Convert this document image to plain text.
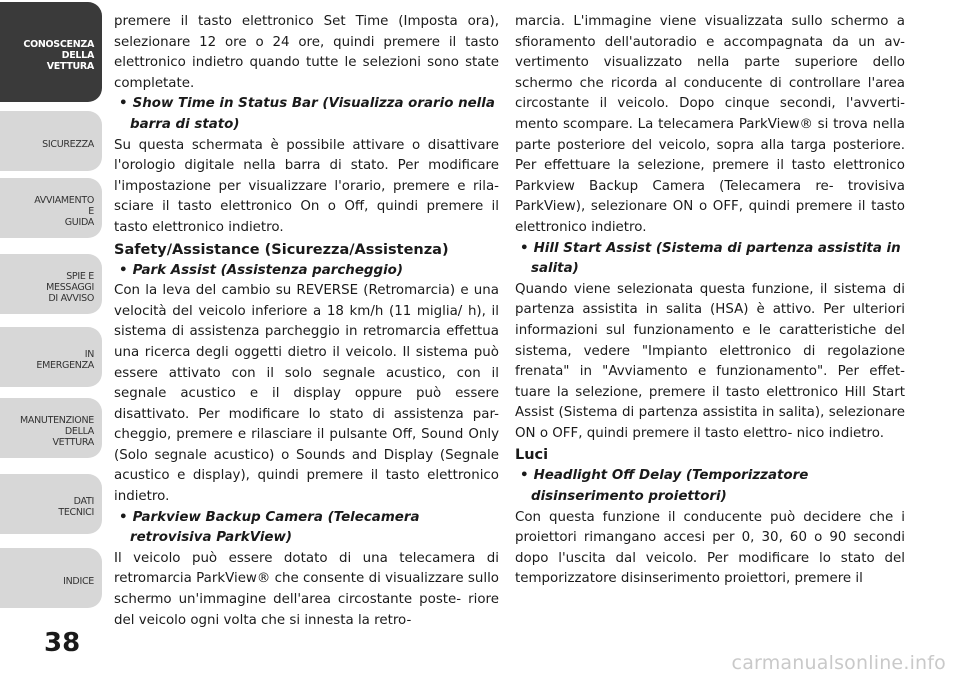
CONOSCENZA
DELLA
VETTURA
SICUREZZA
AVVIAMENTO
E
GUIDA
SPIE E
MESSAGGI
DI AVVISO
IN
EMERGENZA
MANUTENZIONE
DELLA
VETTURA
DATI
TECNICI
INDICE
38

premere il tasto elettronico Set Time (Imposta ora), selezionare 12 ore o 24 ore, quindi premere il tasto elettronico indietro quando tutte le selezioni sono state completate.

• Show Time in Status Bar (Visualizza orario nella barra di stato)

Su questa schermata è possibile attivare o disattivare l'orologio digitale nella barra di stato. Per modificare l'impostazione per visualizzare l'orario, premere e rila- sciare il tasto elettronico On o Off, quindi premere il tasto elettronico indietro.

Safety/Assistance (Sicurezza/Assistenza)

• Park Assist (Assistenza parcheggio)

Con la leva del cambio su REVERSE (Retromarcia) e una velocità del veicolo inferiore a 18 km/h (11 miglia/ h), il sistema di assistenza parcheggio in retromarcia effettua una ricerca degli oggetti dietro il veicolo. Il sistema può essere attivato con il solo segnale acustico, con il segnale acustico e il display oppure può essere disattivato. Per modificare lo stato di assistenza par- cheggio, premere e rilasciare il pulsante Off, Sound Only (Solo segnale acustico) o Sounds and Display (Segnale acustico e display), quindi premere il tasto elettronico indietro.

• Parkview Backup Camera (Telecamera retrovisiva ParkView)

Il veicolo può essere dotato di una telecamera di retromarcia ParkView® che consente di visualizzare sullo schermo un'immagine dell'area circostante poste- riore del veicolo ogni volta che si innesta la retro-

marcia. L'immagine viene visualizzata sullo schermo a sfioramento dell'autoradio e accompagnata da un av- vertimento visualizzato nella parte superiore dello schermo che ricorda al conducente di controllare l'area circostante il veicolo. Dopo cinque secondi, l'avverti- mento scompare. La telecamera ParkView® si trova nella parte posteriore del veicolo, sopra alla targa posteriore. Per effettuare la selezione, premere il tasto elettronico Parkview Backup Camera (Telecamera re- trovisiva ParkView), selezionare ON o OFF, quindi premere il tasto elettronico indietro.

• Hill Start Assist (Sistema di partenza assistita in salita)

Quando viene selezionata questa funzione, il sistema di partenza assistita in salita (HSA) è attivo. Per ulteriori informazioni sul funzionamento e le caratteristiche del sistema, vedere "Impianto elettronico di regolazione frenata" in "Avviamento e funzionamento". Per effet- tuare la selezione, premere il tasto elettronico Hill Start Assist (Sistema di partenza assistita in salita), selezionare ON o OFF, quindi premere il tasto elettro- nico indietro.

Luci

• Headlight Off Delay (Temporizzatore disinserimento proiettori)

Con questa funzione il conducente può decidere che i proiettori rimangano accesi per 0, 30, 60 o 90 secondi dopo l'uscita dal veicolo. Per modificare lo stato del temporizzatore disinserimento proiettori, premere il

carmanualsonline.info
